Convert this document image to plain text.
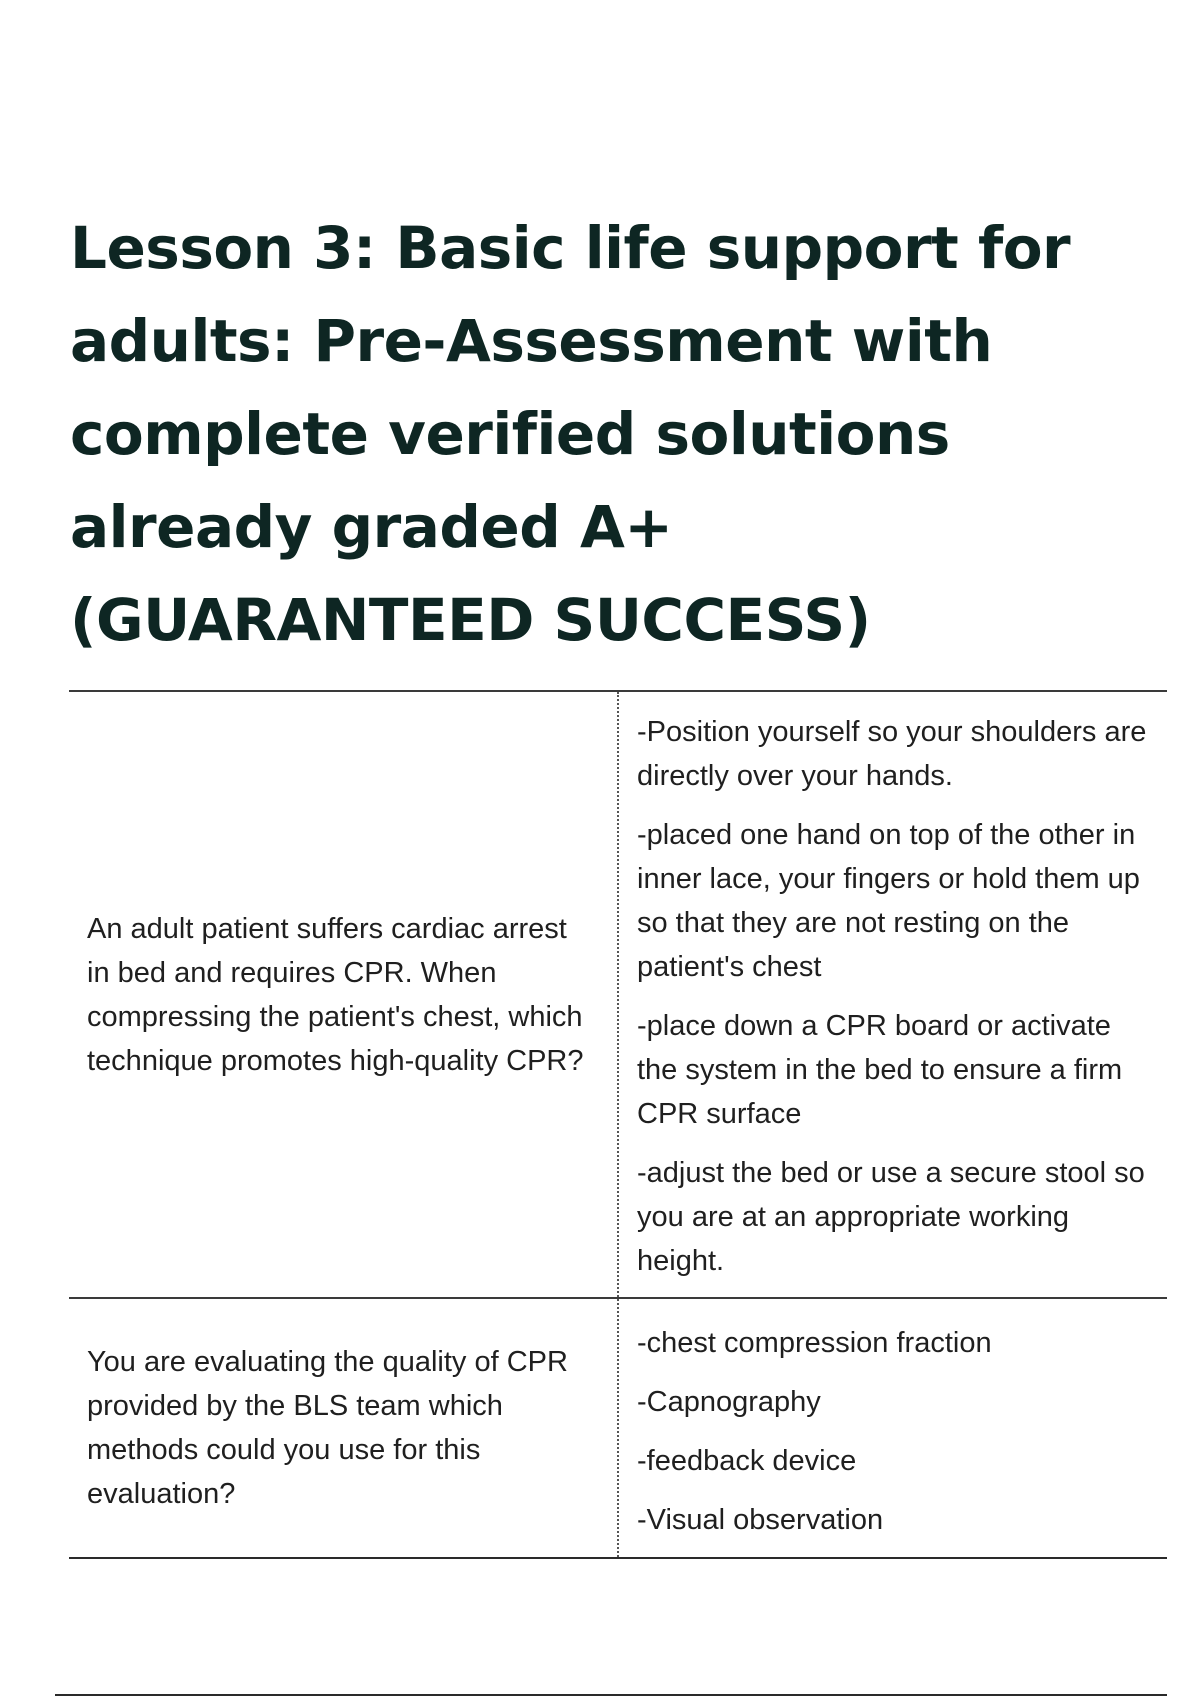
Lesson 3: Basic life support for adults: Pre-Assessment with complete verified solutions already graded A+ (GUARANTEED SUCCESS)
An adult patient suffers cardiac arrest in bed and requires CPR. When compressing the patient's chest, which technique promotes high-quality CPR?
-Position yourself so your shoulders are directly over your hands.
-placed one hand on top of the other in inner lace, your fingers or hold them up so that they are not resting on the patient's chest
-place down a CPR board or activate the system in the bed to ensure a firm CPR surface
-adjust the bed or use a secure stool so you are at an appropriate working height.
You are evaluating the quality of CPR provided by the BLS team which methods could you use for this evaluation?
-chest compression fraction
-Capnography
-feedback device
-Visual observation
